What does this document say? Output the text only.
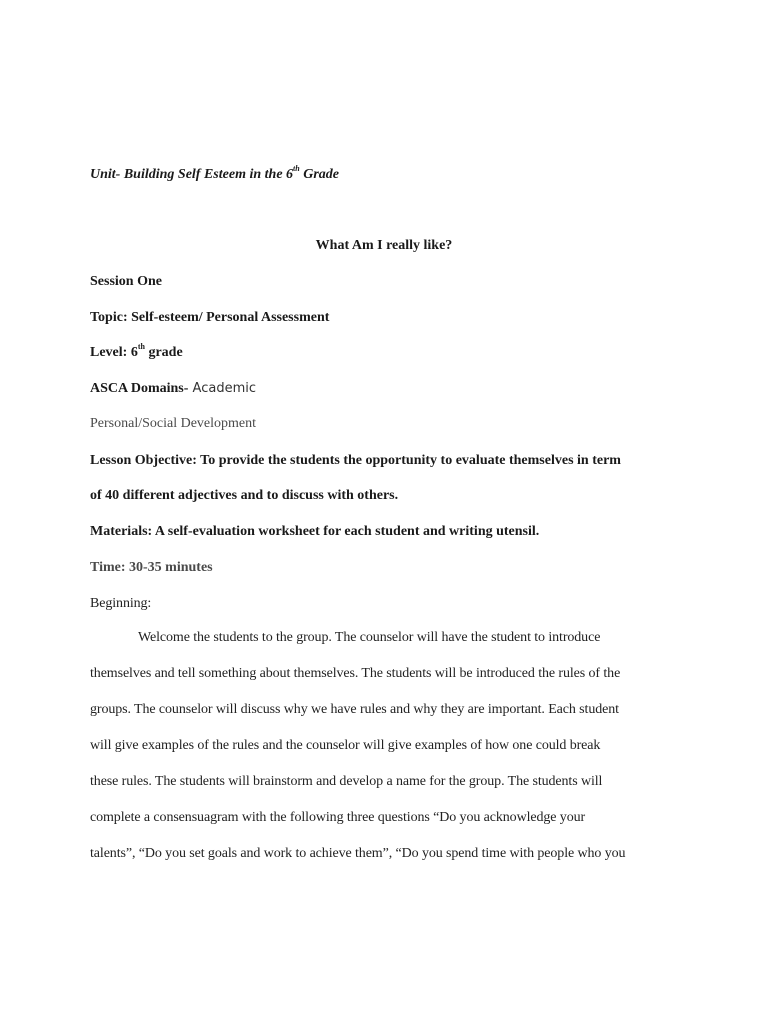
Unit- Building Self Esteem in the 6th Grade
What Am I really like?
Session One
Topic: Self-esteem/ Personal Assessment
Level: 6th grade
ASCA Domains- Academic
Personal/Social Development
Lesson Objective: To provide the students the opportunity to evaluate themselves in term
of 40 different adjectives and to discuss with others.
Materials: A self-evaluation worksheet for each student and writing utensil.
Time: 30-35 minutes
Beginning:
Welcome the students to the group. The counselor will have the student to introduce
themselves and tell something about themselves. The students will be introduced the rules of the
groups. The counselor will discuss why we have rules and why they are important. Each student
will give examples of the rules and the counselor will give examples of how one could break
these rules. The students will brainstorm and develop a name for the group. The students will
complete a consensuagram with the following three questions “Do you acknowledge your
talents”, “Do you set goals and work to achieve them”, “Do you spend time with people who you
